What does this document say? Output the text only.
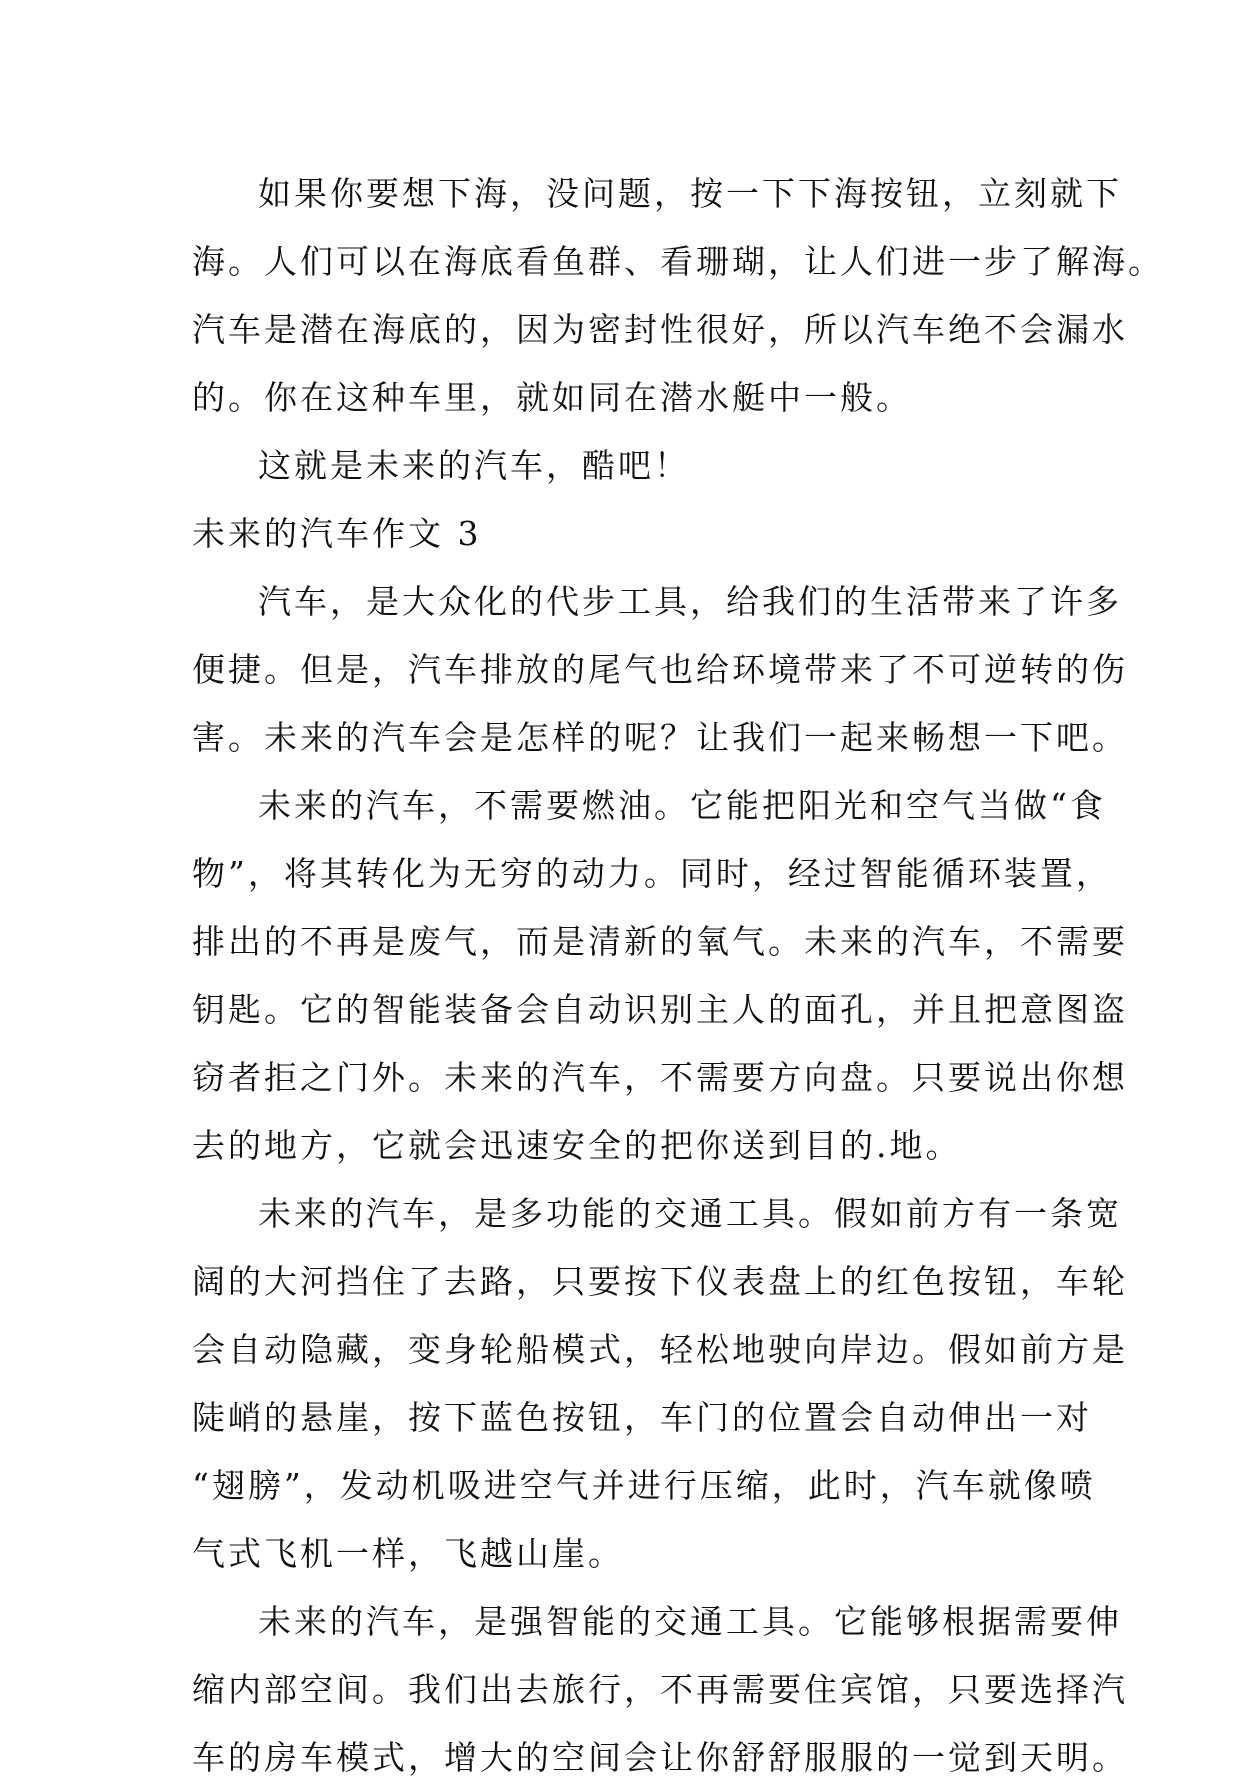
如果你要想下海，没问题，按一下下海按钮，立刻就下
海。人们可以在海底看鱼群、看珊瑚，让人们进一步了解海。
汽车是潜在海底的，因为密封性很好，所以汽车绝不会漏水
的。你在这种车里，就如同在潜水艇中一般。
这就是未来的汽车，酷吧！
未来的汽车作文 3
汽车，是大众化的代步工具，给我们的生活带来了许多
便捷。但是，汽车排放的尾气也给环境带来了不可逆转的伤
害。未来的汽车会是怎样的呢？让我们一起来畅想一下吧。
未来的汽车，不需要燃油。它能把阳光和空气当做“食
物”，将其转化为无穷的动力。同时，经过智能循环装置，
排出的不再是废气，而是清新的氧气。未来的汽车，不需要
钥匙。它的智能装备会自动识别主人的面孔，并且把意图盗
窃者拒之门外。未来的汽车，不需要方向盘。只要说出你想
去的地方，它就会迅速安全的把你送到目的.地。
未来的汽车，是多功能的交通工具。假如前方有一条宽
阔的大河挡住了去路，只要按下仪表盘上的红色按钮，车轮
会自动隐藏，变身轮船模式，轻松地驶向岸边。假如前方是
陡峭的悬崖，按下蓝色按钮，车门的位置会自动伸出一对
“翅膀”，发动机吸进空气并进行压缩，此时，汽车就像喷
气式飞机一样，飞越山崖。
未来的汽车，是强智能的交通工具。它能够根据需要伸
缩内部空间。我们出去旅行，不再需要住宾馆，只要选择汽
车的房车模式，增大的空间会让你舒舒服服的一觉到天明。
